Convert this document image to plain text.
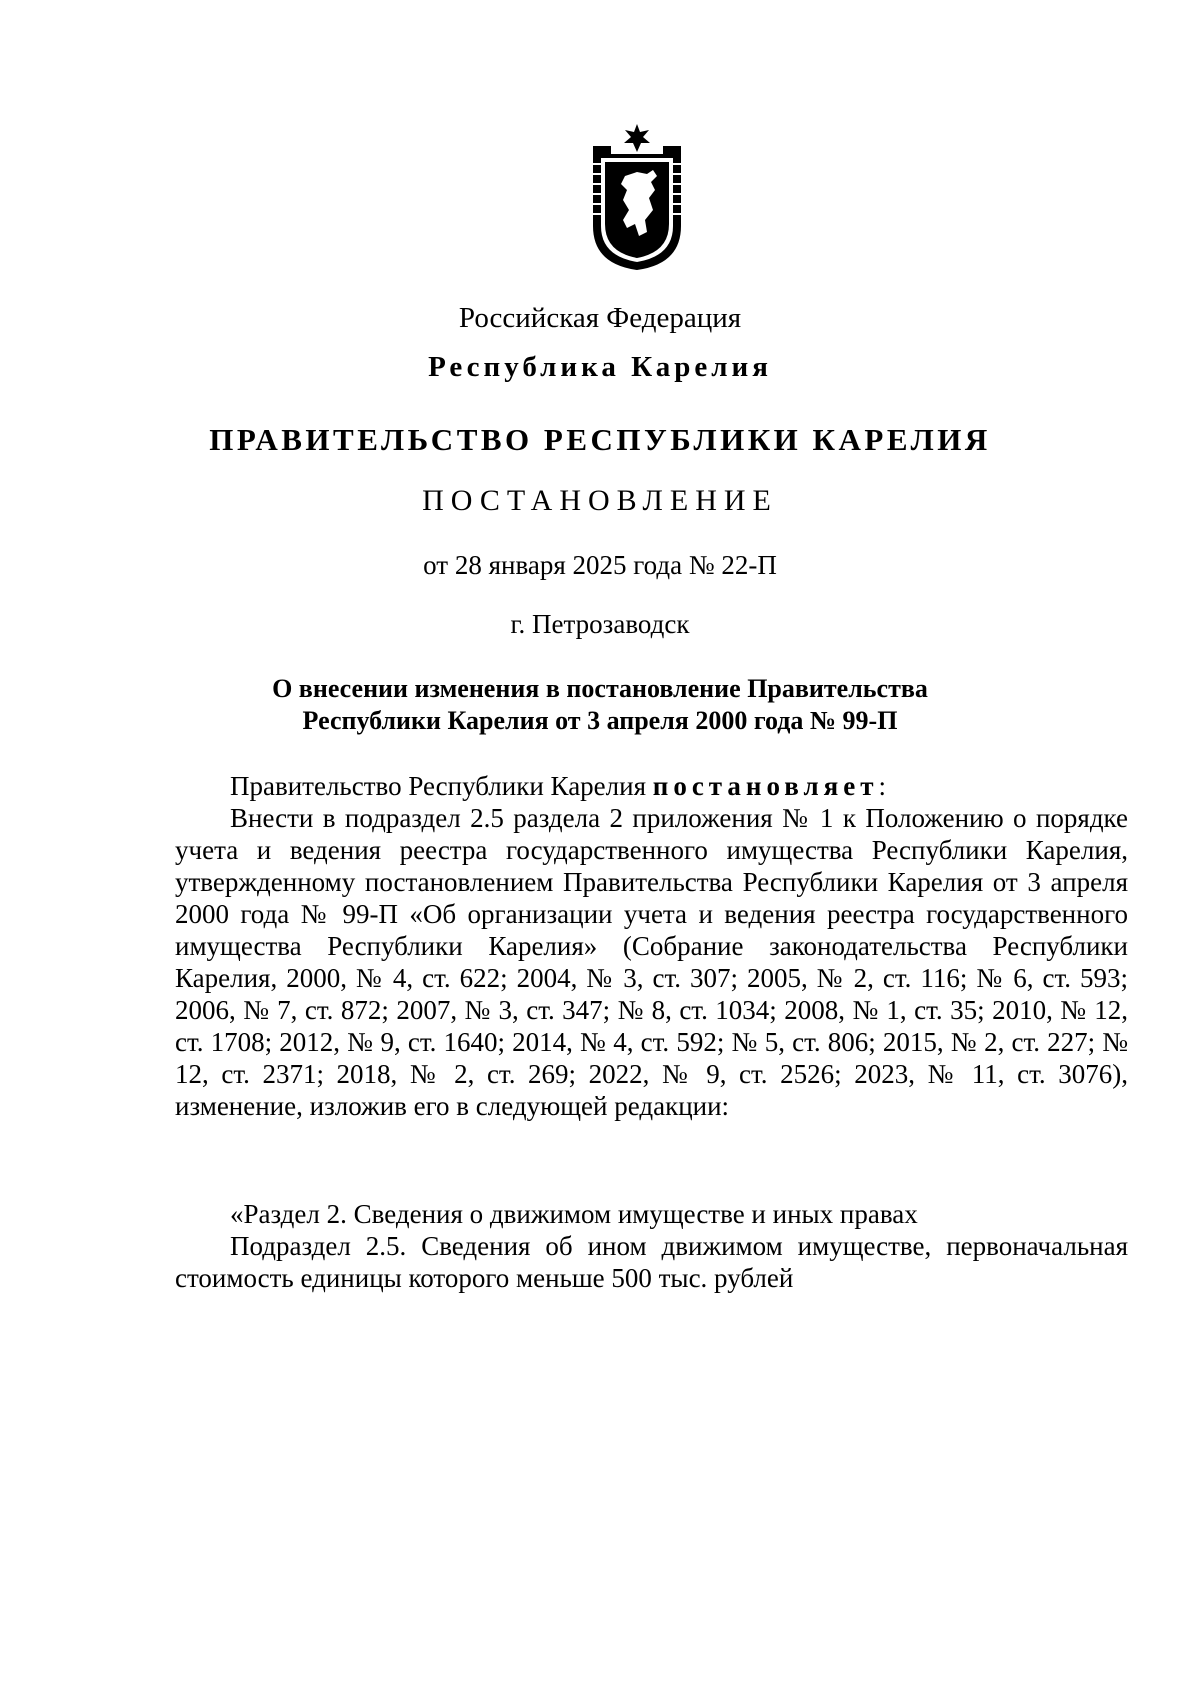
Российская Федерация
Республика Карелия
ПРАВИТЕЛЬСТВО РЕСПУБЛИКИ КАРЕЛИЯ
ПОСТАНОВЛЕНИЕ
от 28 января 2025 года № 22-П
г. Петрозаводск
О внесении изменения в постановление Правительства
Республики Карелия от 3 апреля 2000 года № 99-П

Правительство Республики Карелия постановляет:

Внести в подраздел 2.5 раздела 2 приложения № 1 к Положению о порядке учета и ведения реестра государственного имущества Республики Карелия, утвержденному постановлением Правительства Республики Карелия от 3 апреля 2000 года № 99-П «Об организации учета и ведения реестра государственного имущества Республики Карелия» (Собрание законодательства Республики Карелия, 2000, № 4, ст. 622; 2004, № 3, ст. 307; 2005, № 2, ст. 116; № 6, ст. 593; 2006, № 7, ст. 872; 2007, № 3, ст. 347; № 8, ст. 1034; 2008, № 1, ст. 35; 2010, № 12, ст. 1708; 2012, № 9, ст. 1640; 2014, № 4, ст. 592; № 5, ст. 806; 2015, № 2, ст. 227; № 12, ст. 2371; 2018, № 2, ст. 269; 2022, № 9, ст. 2526; 2023, № 11, ст. 3076), изменение, изложив его в следующей редакции:

«Раздел 2. Сведения о движимом имуществе и иных правах

Подраздел 2.5. Сведения об ином движимом имуществе, первоначальная стоимость единицы которого меньше 500 тыс. рублей
